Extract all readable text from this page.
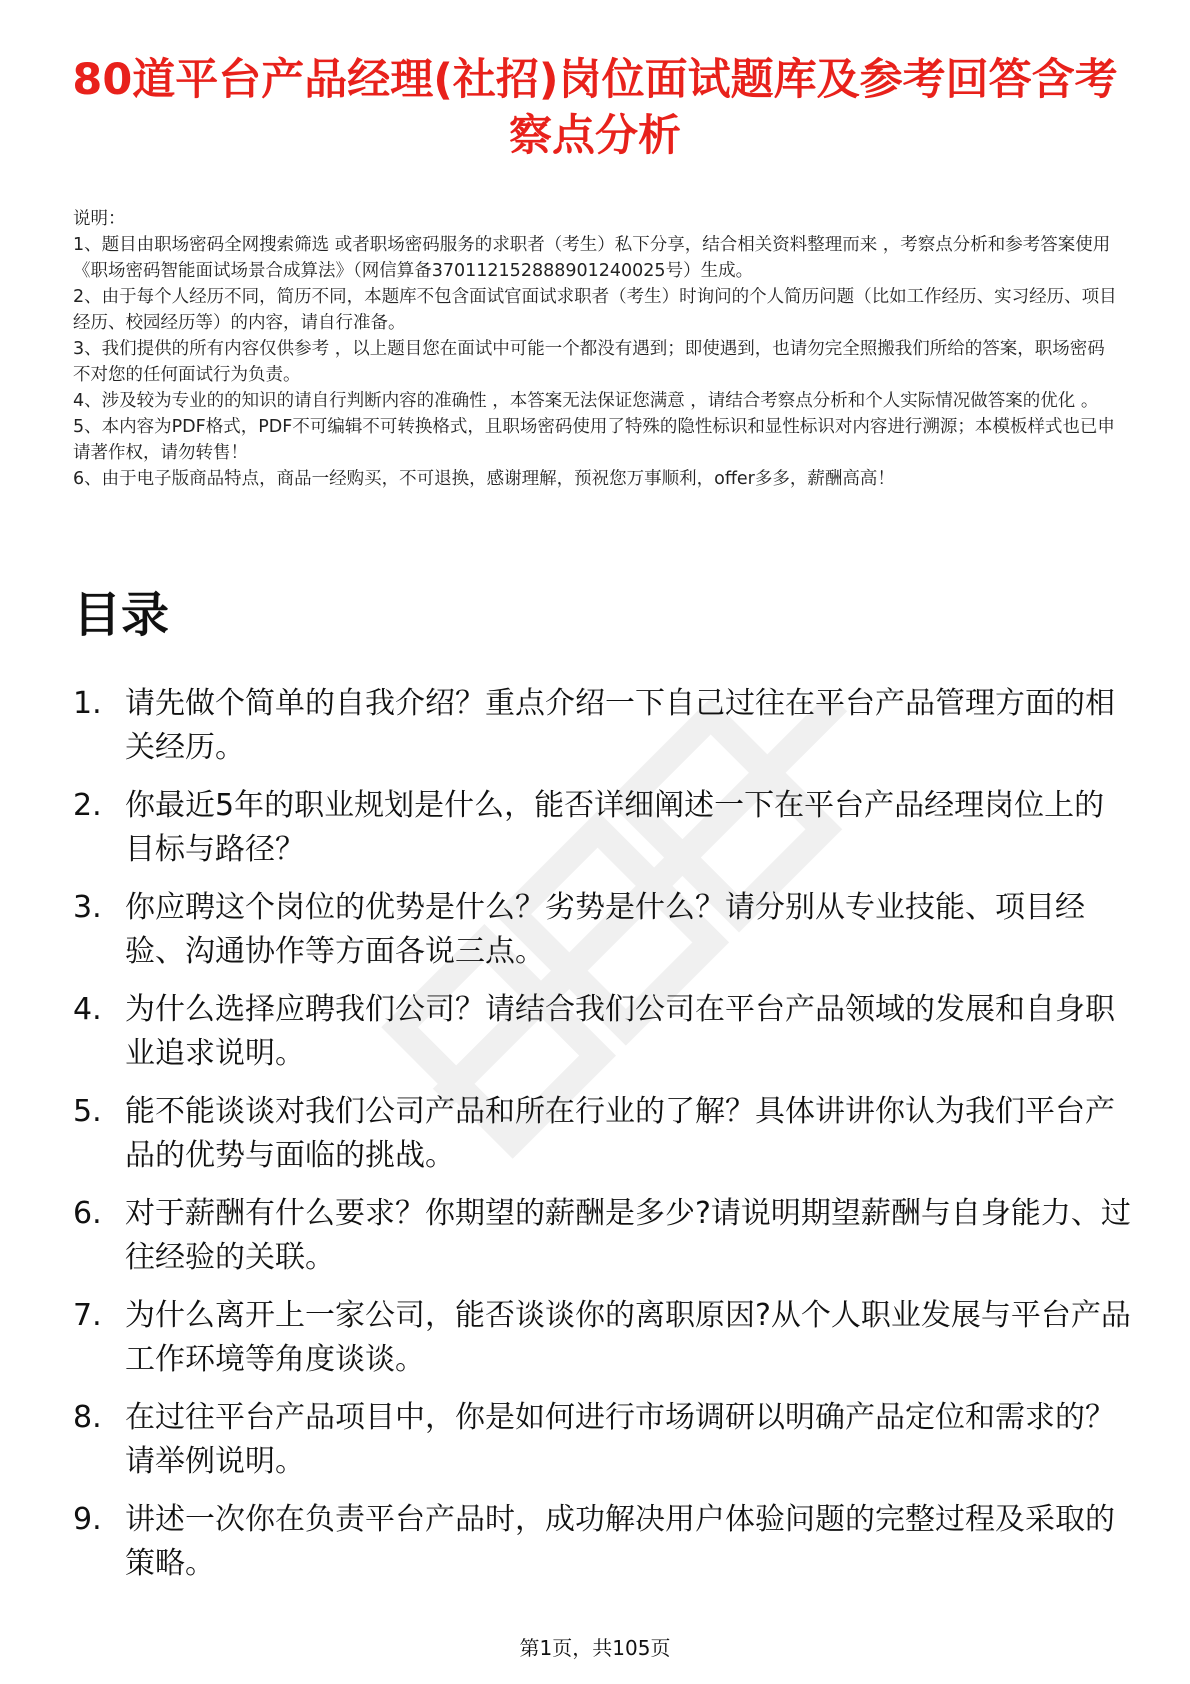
80道平台产品经理(社招)岗位面试题库及参考回答含考察点分析

说明：

1、题目由职场密码全网搜索筛选 或者职场密码服务的求职者（考生）私下分享，结合相关资料整理而来 ，考察点分析和参考答案使用《职场密码智能面试场景合成算法》（网信算备370112152888901240025号）生成。

2、由于每个人经历不同，简历不同，本题库不包含面试官面试求职者（考生）时询问的个人简历问题（比如工作经历、实习经历、项目经历、校园经历等）的内容，请自行准备。

3、我们提供的所有内容仅供参考 ，以上题目您在面试中可能一个都没有遇到；即使遇到，也请勿完全照搬我们所给的答案，职场密码不对您的任何面试行为负责。

4、涉及较为专业的的知识的请自行判断内容的准确性 ，本答案无法保证您满意 ，请结合考察点分析和个人实际情况做答案的优化 。

5、本内容为PDF格式，PDF不可编辑不可转换格式，且职场密码使用了特殊的隐性标识和显性标识对内容进行溯源；本模板样式也已申请著作权，请勿转售！

6、由于电子版商品特点，商品一经购买，不可退换，感谢理解，预祝您万事顺利，offer多多，薪酬高高！

目录
1. 请先做个简单的自我介绍？重点介绍一下自己过往在平台产品管理方面的相关经历。
2. 你最近5年的职业规划是什么，能否详细阐述一下在平台产品经理岗位上的目标与路径？
3. 你应聘这个岗位的优势是什么？劣势是什么？请分别从专业技能、项目经验、沟通协作等方面各说三点。
4. 为什么选择应聘我们公司？请结合我们公司在平台产品领域的发展和自身职业追求说明。
5. 能不能谈谈对我们公司产品和所在行业的了解？具体讲讲你认为我们平台产品的优势与面临的挑战。
6. 对于薪酬有什么要求？你期望的薪酬是多少?请说明期望薪酬与自身能力、过往经验的关联。
7. 为什么离开上一家公司，能否谈谈你的离职原因?从个人职业发展与平台产品工作环境等角度谈谈。
8. 在过往平台产品项目中，你是如何进行市场调研以明确产品定位和需求的？请举例说明。
9. 讲述一次你在负责平台产品时，成功解决用户体验问题的完整过程及采取的策略。
第1页，共105页
